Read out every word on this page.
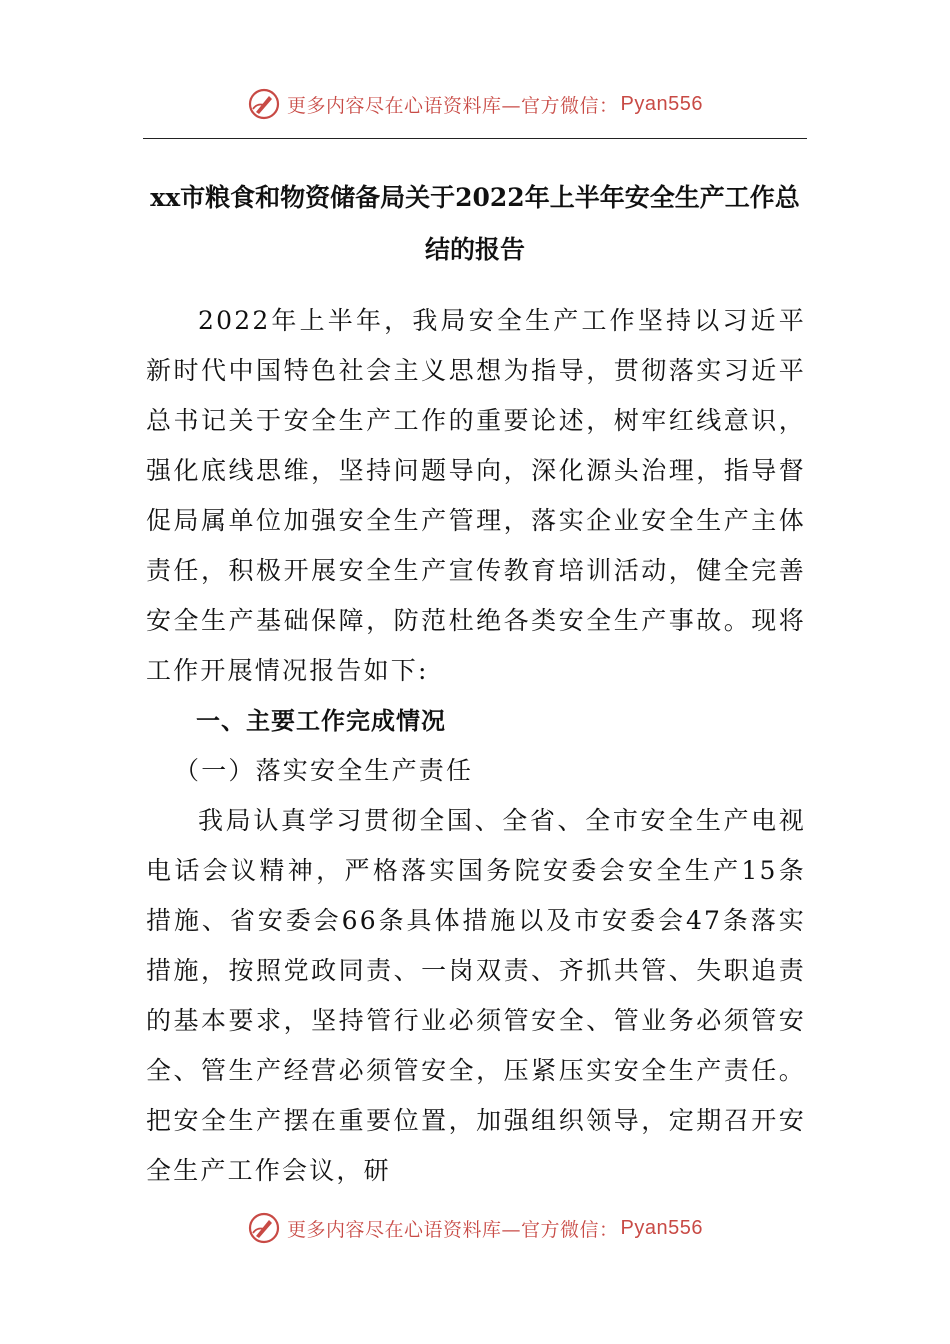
更多内容尽在心语资料库—官方微信： Pyan556
xx市粮食和物资储备局关于2022年上半年安全生产工作总结的报告

2022年上半年，我局安全生产工作坚持以习近平新时代中国特色社会主义思想为指导，贯彻落实习近平总书记关于安全生产工作的重要论述，树牢红线意识，强化底线思维，坚持问题导向，深化源头治理，指导督促局属单位加强安全生产管理，落实企业安全生产主体责任，积极开展安全生产宣传教育培训活动，健全完善安全生产基础保障，防范杜绝各类安全生产事故。现将工作开展情况报告如下:

一、主要工作完成情况

（一）落实安全生产责任

我局认真学习贯彻全国、全省、全市安全生产电视电话会议精神，严格落实国务院安委会安全生产15条措施、省安委会66条具体措施以及市安委会47条落实措施，按照党政同责、一岗双责、齐抓共管、失职追责的基本要求，坚持管行业必须管安全、管业务必须管安全、管生产经营必须管安全，压紧压实安全生产责任。把安全生产摆在重要位置，加强组织领导，定期召开安全生产工作会议，研

更多内容尽在心语资料库—官方微信： Pyan556
